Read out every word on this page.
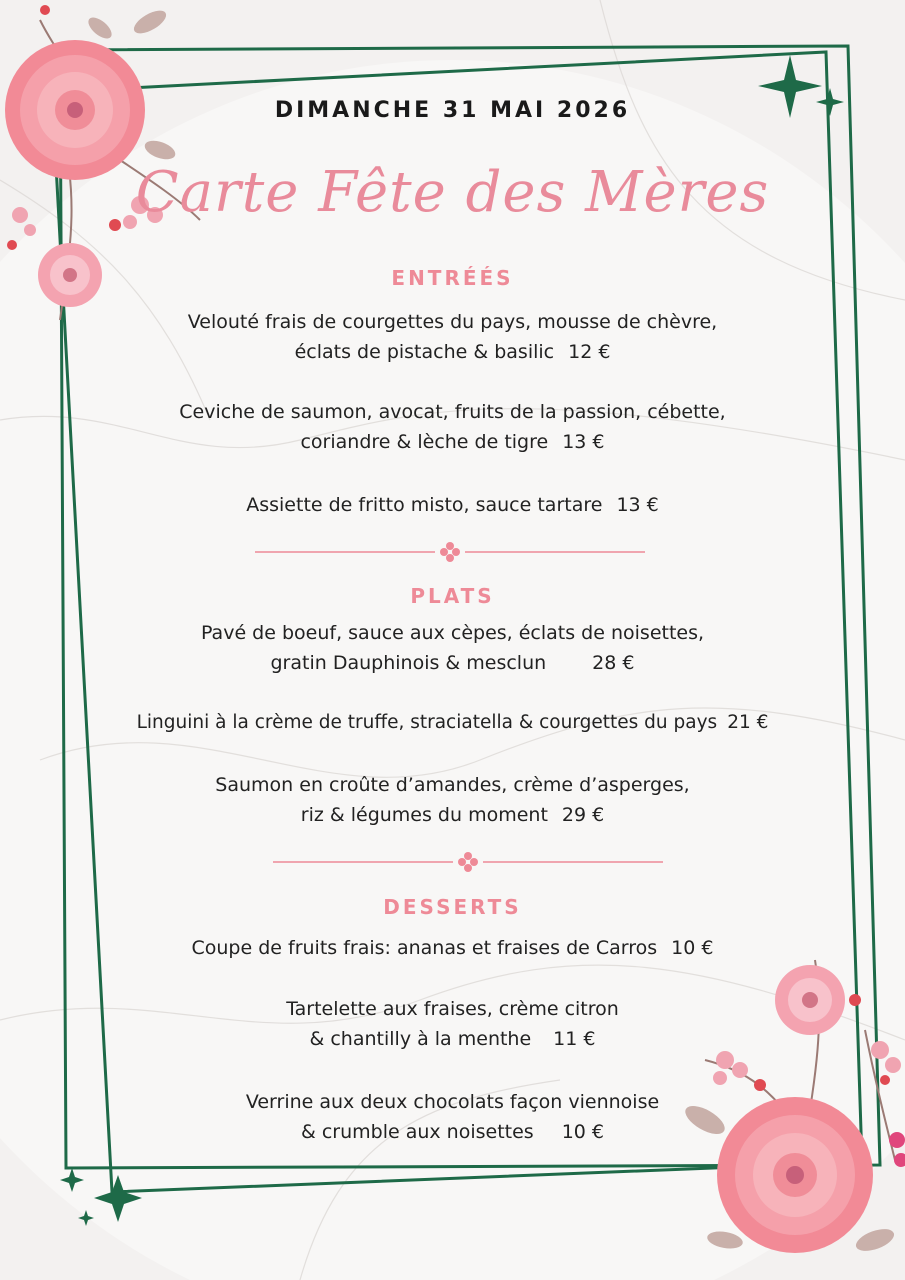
DIMANCHE 31 MAI 2026
Carte Fête des Mères
ENTRÉÉS
Velouté frais de courgettes du pays, mousse de chèvre,
éclats de pistache & basilic 12 €
Ceviche de saumon, avocat, fruits de la passion, cébette,
coriandre & lèche de tigre 13 €
Assiette de fritto misto, sauce tartare 13 €
PLATS
Pavé de boeuf, sauce aux cèpes, éclats de noisettes,
gratin Dauphinois & mesclun 28 €
Linguini à la crème de truffe, straciatella & courgettes du pays 21 €
Saumon en croûte d’amandes, crème d’asperges,
riz & légumes du moment 29 €
DESSERTS
Coupe de fruits frais: ananas et fraises de Carros 10 €
Tartelette aux fraises, crème citron
& chantilly à la menthe 11 €
Verrine aux deux chocolats façon viennoise
& crumble aux noisettes 10 €
